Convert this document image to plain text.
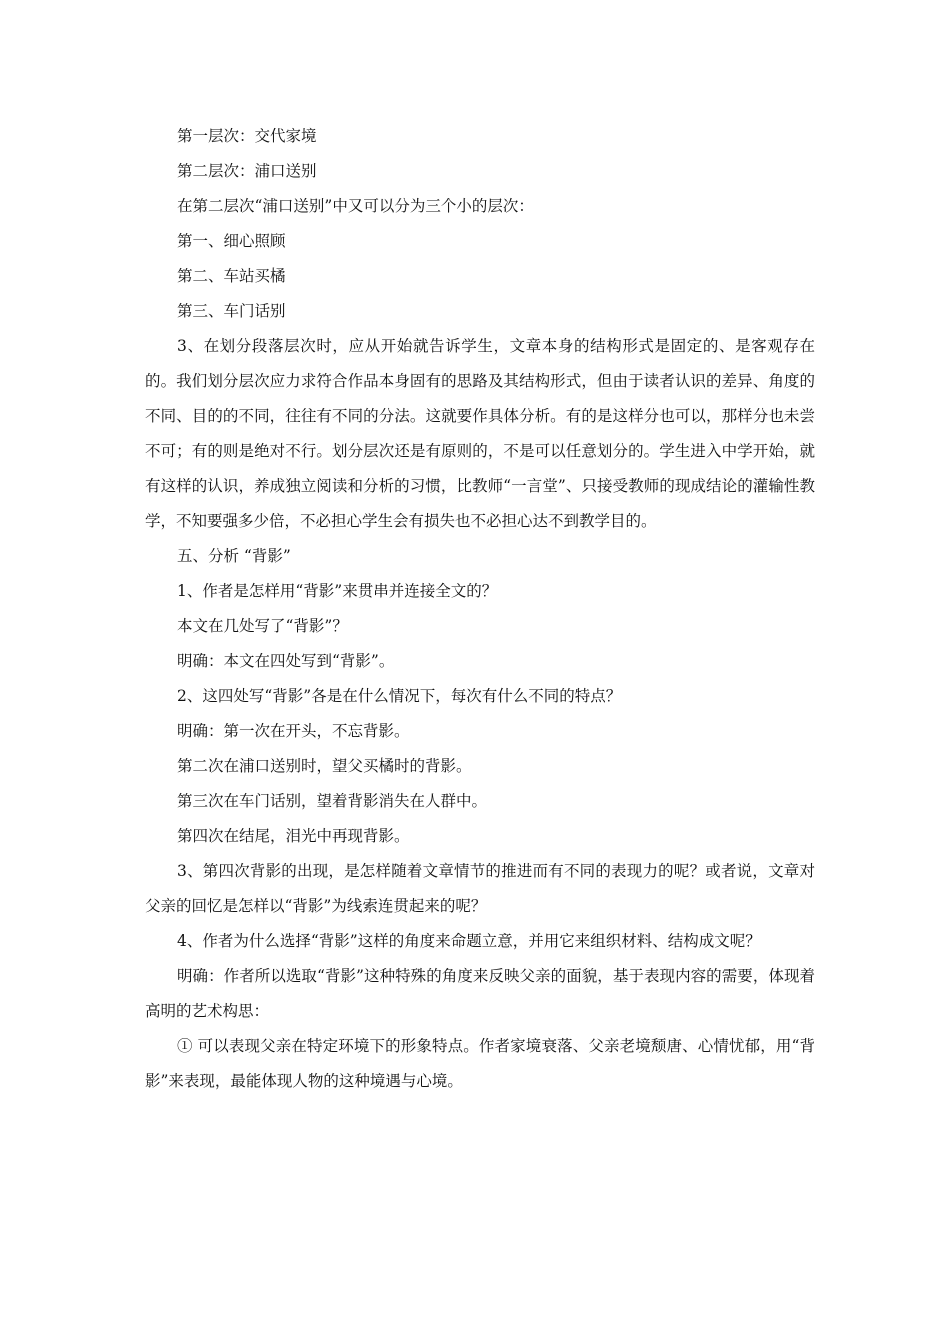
第一层次：交代家境

第二层次：浦口送别

在第二层次“浦口送别”中又可以分为三个小的层次：

第一、细心照顾

第二、车站买橘

第三、车门话别

3、在划分段落层次时，应从开始就告诉学生，文章本身的结构形式是固定的、是客观存在的。我们划分层次应力求符合作品本身固有的思路及其结构形式，但由于读者认识的差异、角度的不同、目的的不同，往往有不同的分法。这就要作具体分析。有的是这样分也可以，那样分也未尝不可；有的则是绝对不行。划分层次还是有原则的，不是可以任意划分的。学生进入中学开始，就有这样的认识，养成独立阅读和分析的习惯，比教师“一言堂”、只接受教师的现成结论的灌输性教学，不知要强多少倍，不必担心学生会有损失也不必担心达不到教学目的。

五、分析 “背影”

1、作者是怎样用“背影”来贯串并连接全文的？

本文在几处写了“背影”？

明确：本文在四处写到“背影”。

2、这四处写“背影”各是在什么情况下，每次有什么不同的特点？

明确：第一次在开头，不忘背影。

第二次在浦口送别时，望父买橘时的背影。

第三次在车门话别，望着背影消失在人群中。

第四次在结尾，泪光中再现背影。

3、第四次背影的出现，是怎样随着文章情节的推进而有不同的表现力的呢？或者说，文章对父亲的回忆是怎样以“背影”为线索连贯起来的呢？

4、作者为什么选择“背影”这样的角度来命题立意，并用它来组织材料、结构成文呢？

明确：作者所以选取“背影”这种特殊的角度来反映父亲的面貌，基于表现内容的需要，体现着高明的艺术构思：

① 可以表现父亲在特定环境下的形象特点。作者家境衰落、父亲老境颓唐、心情忧郁，用“背影”来表现，最能体现人物的这种境遇与心境。
